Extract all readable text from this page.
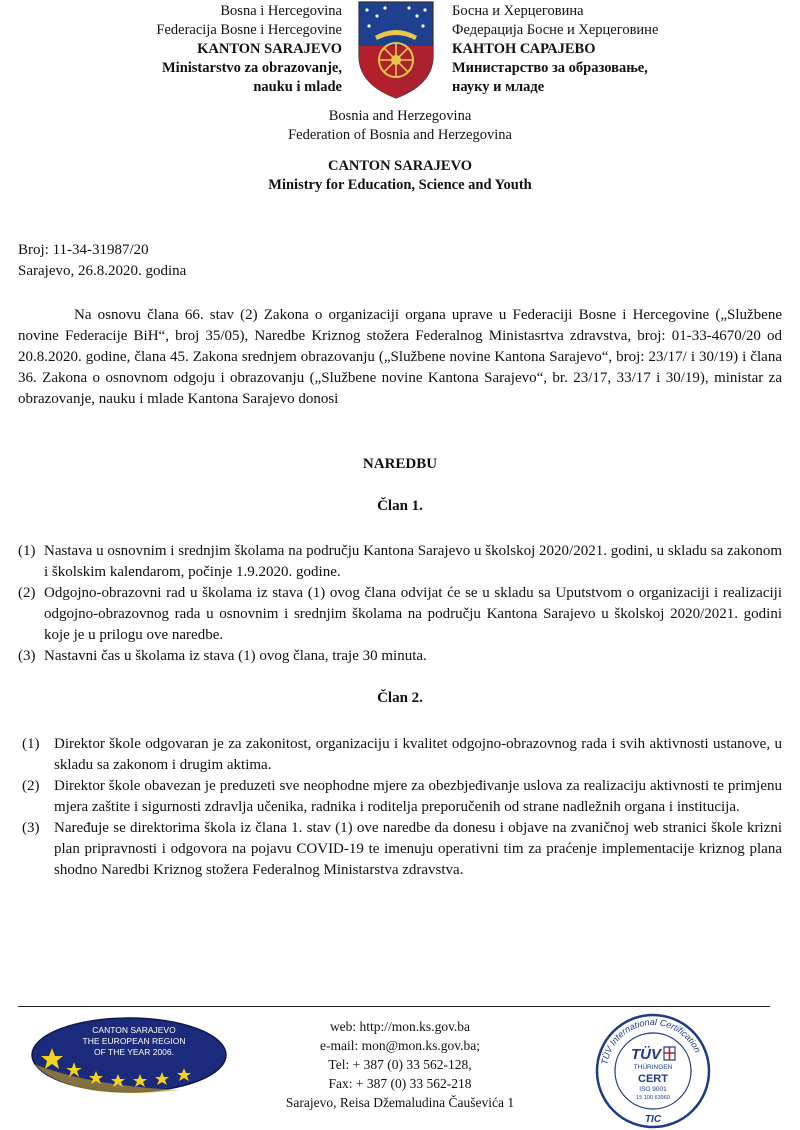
Bosna i Hercegovina
Federacija Bosne i Hercegovine
KANTON SARAJEVO
Ministarstvo za obrazovanje,
nauku i mlade
Босна и Херцеговина
Федерација Босне и Херцеговине
КАНТОН САРАЈЕВО
Министарство за образовање,
науку и младе
Bosnia and Herzegovina
Federation of Bosnia and Herzegovina
CANTON SARAJEVO
Ministry for Education, Science and Youth
Broj: 11-34-31987/20
Sarajevo, 26.8.2020. godina

Na osnovu člana 66. stav (2) Zakona o organizaciji organa uprave u Federaciji Bosne i Hercegovine („Službene novine Federacije BiH“, broj 35/05), Naredbe Kriznog stožera Federalnog Ministasrtva zdravstva, broj: 01-33-4670/20 od 20.8.2020. godine, člana 45. Zakona srednjem obrazovanju („Službene novine Kantona Sarajevo“, broj: 23/17/ i 30/19) i člana 36. Zakona o osnovnom odgoju i obrazovanju („Službene novine Kantona Sarajevo“, br. 23/17, 33/17 i 30/19), ministar za obrazovanje, nauku i mlade Kantona Sarajevo donosi

NAREDBU
Član 1.
(1) Nastava u osnovnim i srednjim školama na području Kantona Sarajevo u školskoj 2020/2021. godini, u skladu sa zakonom i školskim kalendarom, počinje 1.9.2020. godine.
(2) Odgojno-obrazovni rad u školama iz stava (1) ovog člana odvijat će se u skladu sa Uputstvom o organizaciji i realizaciji odgojno-obrazovnog rada u osnovnim i srednjim školama na području Kantona Sarajevo u školskoj 2020/2021. godini koje je u prilogu ove naredbe.
(3) Nastavni čas u školama iz stava (1) ovog člana, traje 30 minuta.
Član 2.
(1) Direktor škole odgovaran je za zakonitost, organizaciju i kvalitet odgojno-obrazovnog rada i svih aktivnosti ustanove, u skladu sa zakonom i drugim aktima.
(2) Direktor škole obavezan je preduzeti sve neophodne mjere za obezbjeđivanje uslova za realizaciju aktivnosti te primjenu mjera zaštite i sigurnosti zdravlja učenika, radnika i roditelja preporučenih od strane nadležnih organa i institucija.
(3) Naređuje se direktorima škola iz člana 1. stav (1) ove naredbe da donesu i objave na zvaničnoj web stranici škole krizni plan pripravnosti i odgovora na pojavu COVID-19 te imenuju operativni tim za praćenje implementacije kriznog plana shodno Naredbi Kriznog stožera Federalnog Ministarstva zdravstva.
CANTON SARAJEVO
THE EUROPEAN REGION
OF THE YEAR 2006.
web: http://mon.ks.gov.ba
e-mail: mon@mon.ks.gov.ba;
Tel: + 387 (0) 33 562-128,
Fax: + 387 (0) 33 562-218
Sarajevo, Reisa Džemaludina Čauševića 1
TÜV International Certification
TÜV
THÜRINGEN
CERT
ISO 9001
15 100 63960
TIC
